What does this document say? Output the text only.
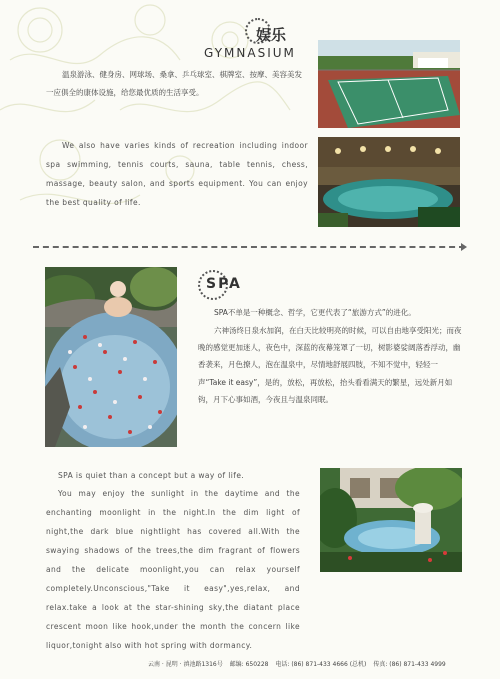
娱乐
GYMNASIUM
温泉游泳、健身房、网球场、桑拿、乒乓球室、棋牌室、按摩、美容美发一应俱全的康体设施，给您最优质的生活享受。
We also have varies kinds of recreation including indoor spa swimming, tennis courts, sauna, table tennis, chess, massage, beauty salon, and sports equipment. You can enjoy the best quality of life.
SPA
SPA不单是一种概念、哲学，它更代表了“旅游方式”的进化。
六神汤终日泉水加润，在白天比较明亮的时候，可以自由地享受阳光；而夜晚的感觉更加迷人，夜色中，深蓝的夜幕笼罩了一切，树影婆娑阔落香浮动，幽香袭来，月色撩人，泡在温泉中，尽情地舒展四肢，不知不觉中，轻轻一声“Take it easy”，是的，放松，再放松，抬头看看满天的繁星，远处新月如钩，月下心事如酒，今夜且与温泉同眠。
SPA is quiet than a concept but a way of life.
You may enjoy the sunlight in the daytime and the enchanting moonlight in the night.In the dim light of night,the dark blue nightlight has covered all.With the swaying shadows of the trees,the dim fragrant of flowers and the delicate moonlight,you can relax yourself completely.Unconscious,"Take it easy",yes,relax, and relax.take a look at the star-shining sky,the diatant place crescent moon like hook,under the month the concern like liquor,tonight also with hot spring with dormancy.
云南 · 昆明 · 滇池路1316号 邮编: 650228 电话: (86) 871-433 4666 (总机) 传真: (86) 871-433 4999
